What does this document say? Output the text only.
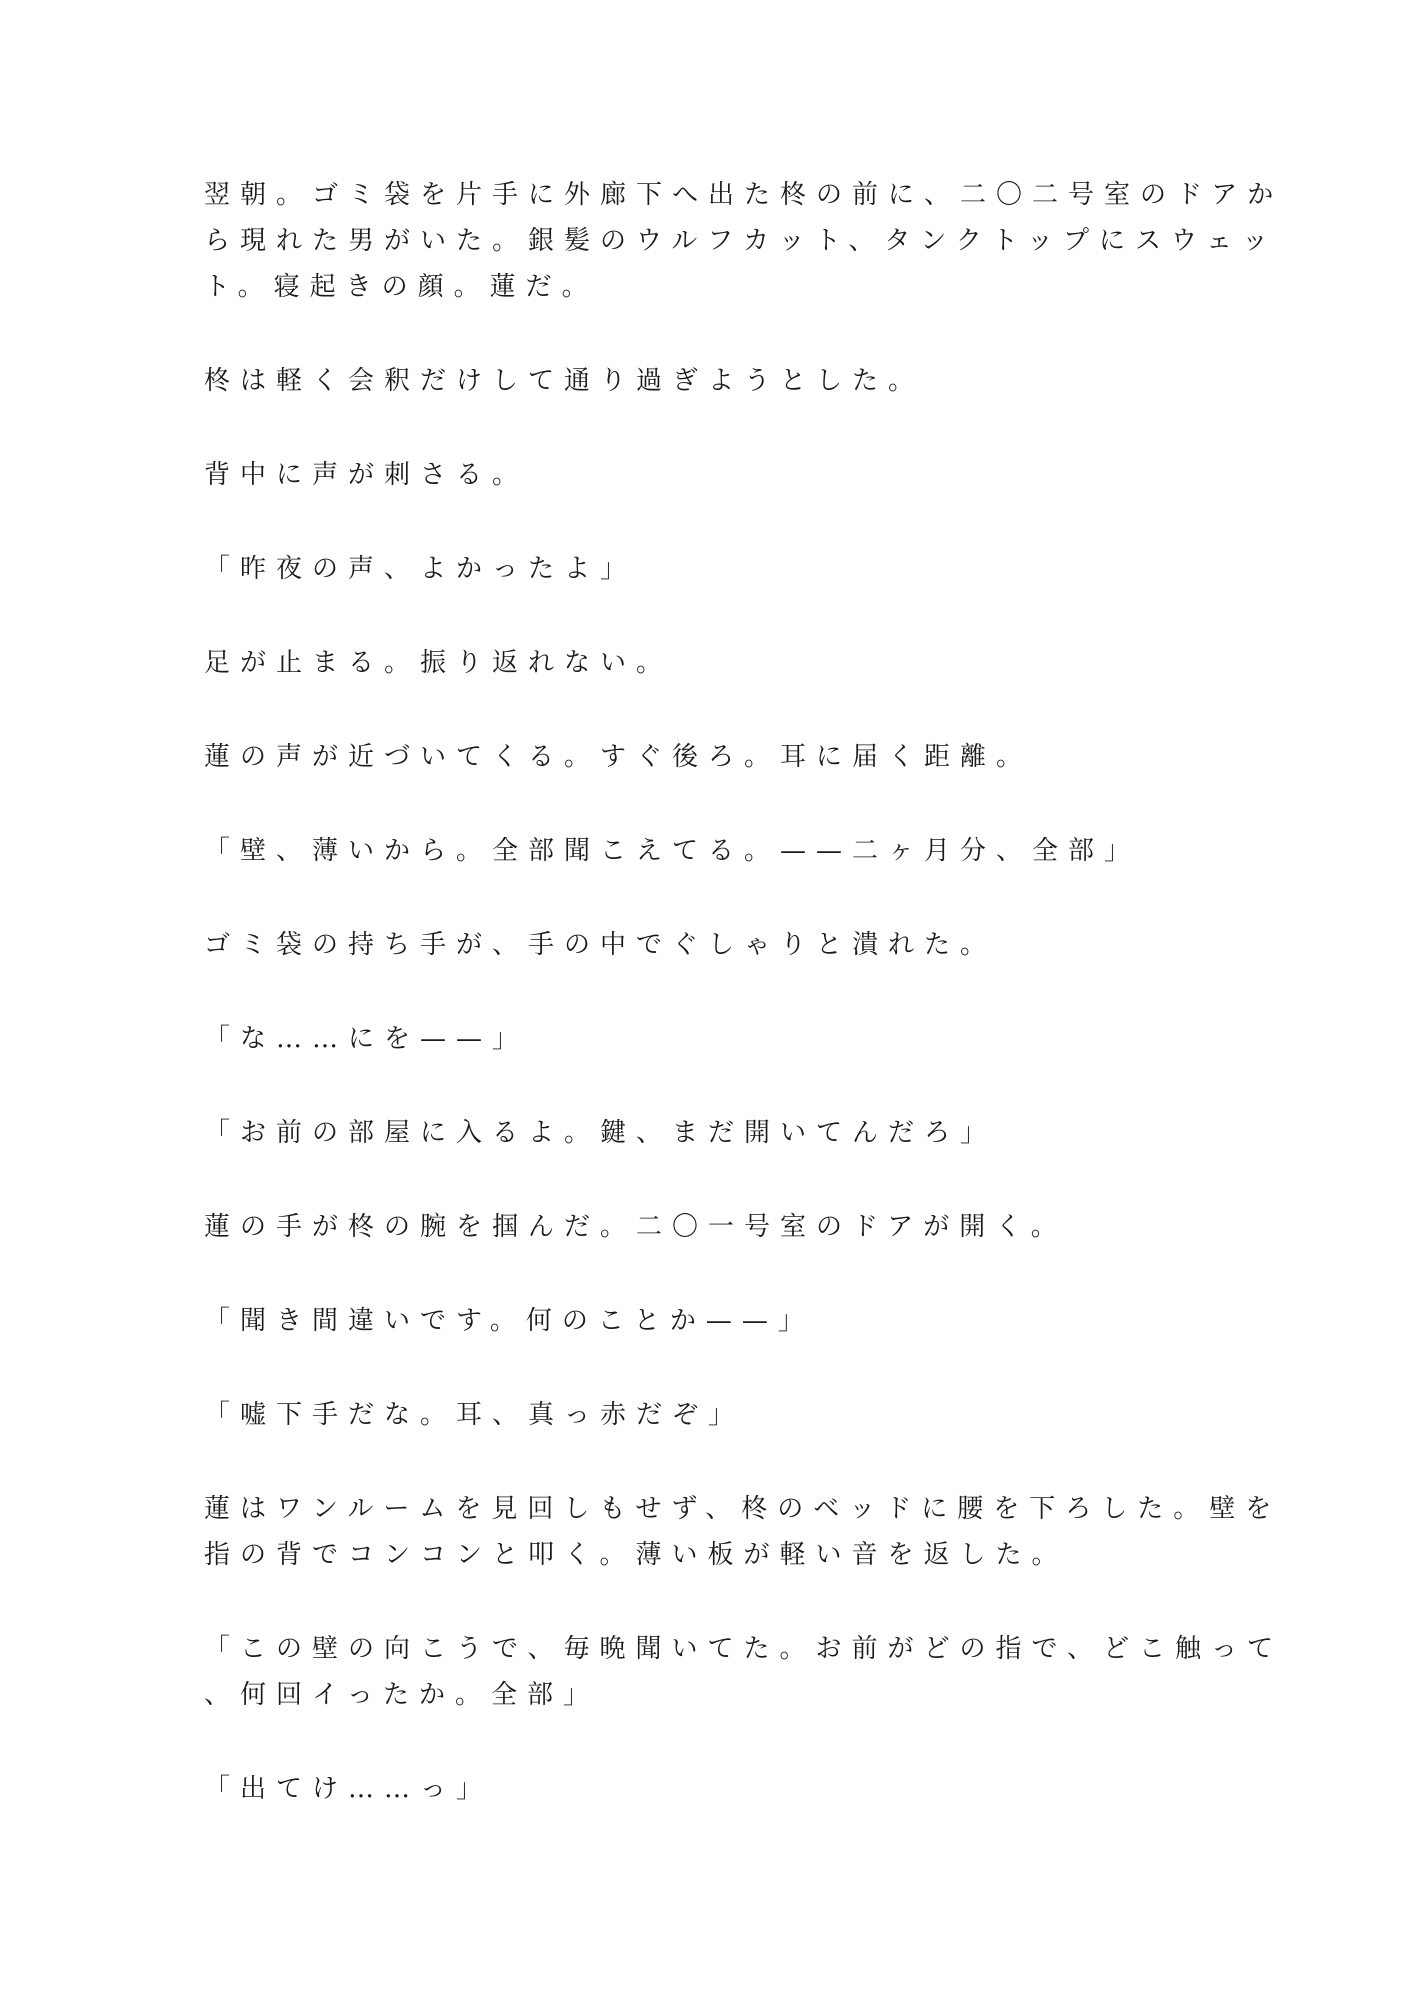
翌朝。ゴミ袋を片手に外廊下へ出た柊の前に、二〇二号室のドアか
ら現れた男がいた。銀髪のウルフカット、タンクトップにスウェッ
ト。寝起きの顔。蓮だ。

柊は軽く会釈だけして通り過ぎようとした。

背中に声が刺さる。

「昨夜の声、よかったよ」

足が止まる。振り返れない。

蓮の声が近づいてくる。すぐ後ろ。耳に届く距離。

「壁、薄いから。全部聞こえてる。——二ヶ月分、全部」

ゴミ袋の持ち手が、手の中でぐしゃりと潰れた。

「な……にを——」

「お前の部屋に入るよ。鍵、まだ開いてんだろ」

蓮の手が柊の腕を掴んだ。二〇一号室のドアが開く。

「聞き間違いです。何のことか——」

「嘘下手だな。耳、真っ赤だぞ」

蓮はワンルームを見回しもせず、柊のベッドに腰を下ろした。壁を
指の背でコンコンと叩く。薄い板が軽い音を返した。

「この壁の向こうで、毎晩聞いてた。お前がどの指で、どこ触って
、何回イったか。全部」

「出てけ……っ」
